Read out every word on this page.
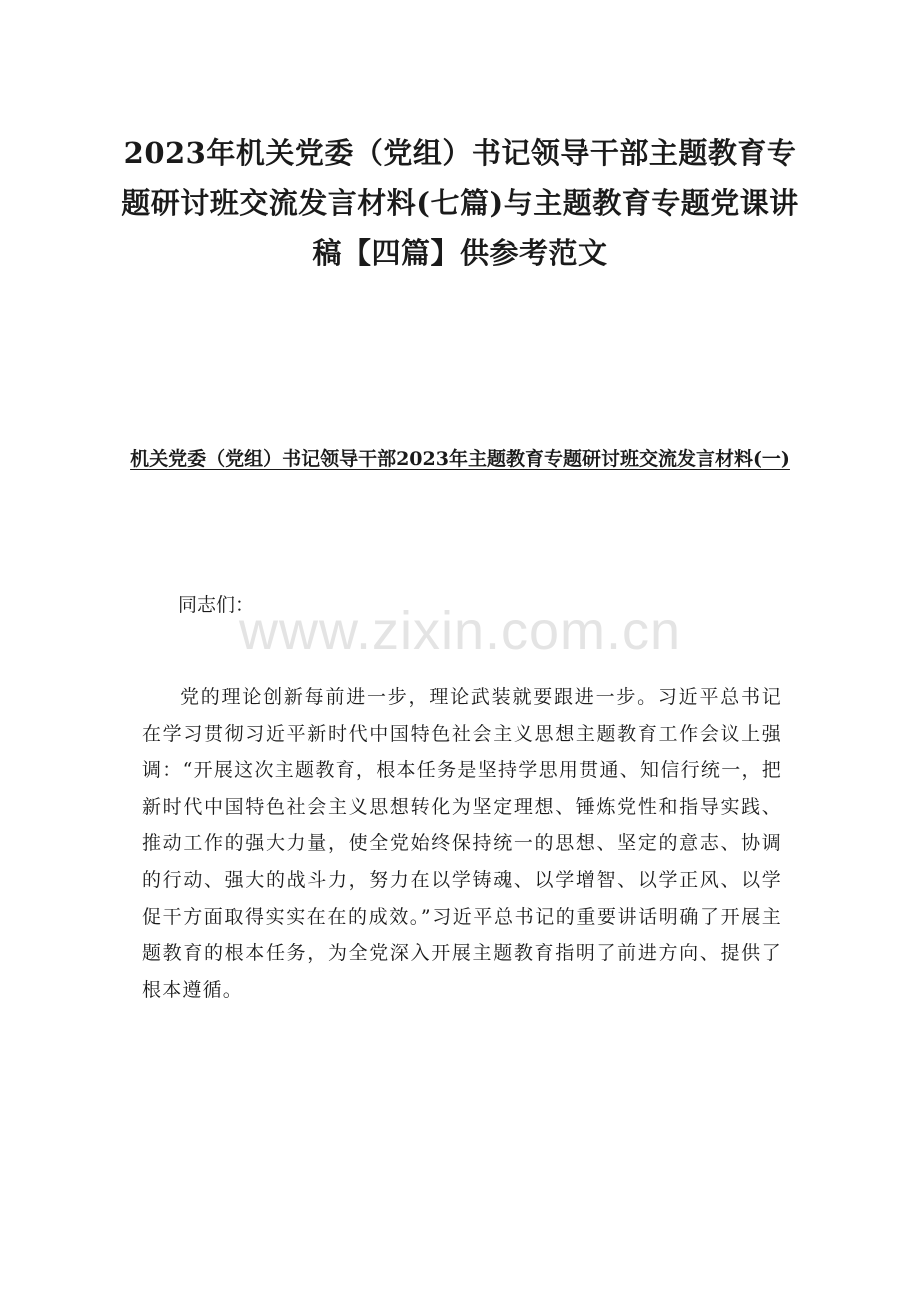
2023年机关党委（党组）书记领导干部主题教育专题研讨班交流发言材料(七篇)与主题教育专题党课讲稿【四篇】供参考范文
机关党委（党组）书记领导干部2023年主题教育专题研讨班交流发言材料(一)

同志们：

www.zixin.com.cn

党的理论创新每前进一步，理论武装就要跟进一步。习近平总书记在学习贯彻习近平新时代中国特色社会主义思想主题教育工作会议上强调：“开展这次主题教育，根本任务是坚持学思用贯通、知信行统一，把新时代中国特色社会主义思想转化为坚定理想、锤炼党性和指导实践、推动工作的强大力量，使全党始终保持统一的思想、坚定的意志、协调的行动、强大的战斗力，努力在以学铸魂、以学增智、以学正风、以学促干方面取得实实在在的成效。”习近平总书记的重要讲话明确了开展主题教育的根本任务，为全党深入开展主题教育指明了前进方向、提供了根本遵循。
